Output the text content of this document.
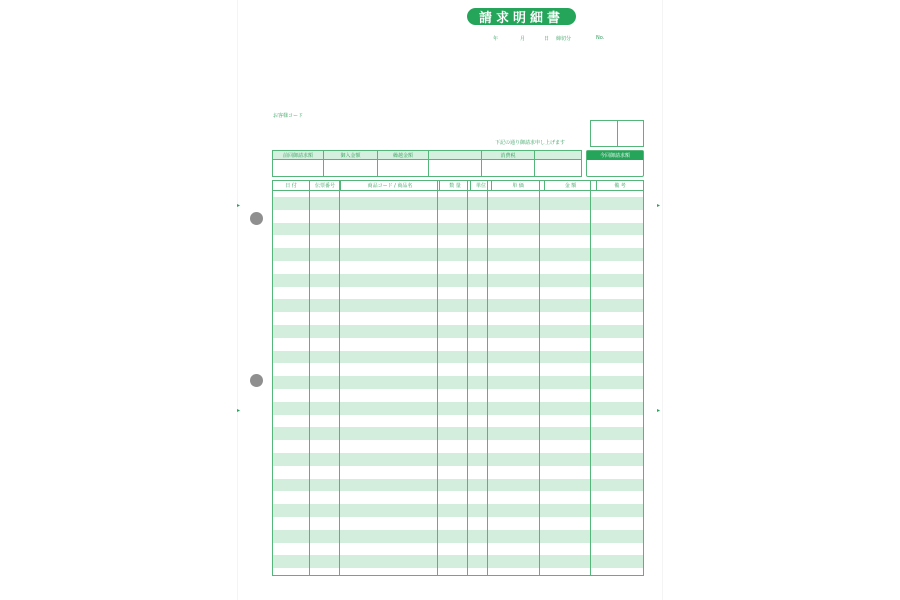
請求明細書
年	月	日 締切分	No.
お客様コード
下記の通り御請求申し上げます
前回御請求額	御入金額	繰越金額	消費税	今回御請求額
日 付	伝票番号	商品コード / 商品名	数 量	単位	単 価	金 額	備 考
▸
▸
▸
▸
